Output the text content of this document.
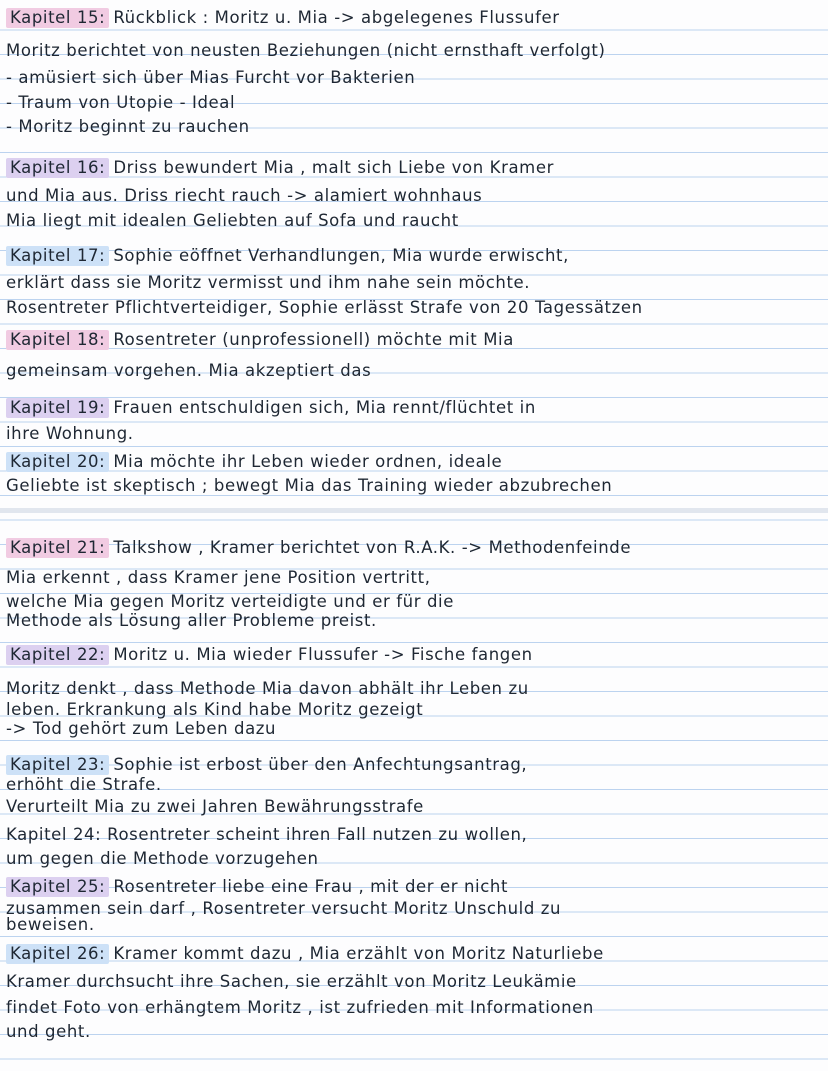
Kapitel 15: Rückblick : Moritz u. Mia -> abgelegenes Flussufer
Moritz berichtet von neusten Beziehungen (nicht ernsthaft verfolgt)
- amüsiert sich über Mias Furcht vor Bakterien
- Traum von Utopie - Ideal
- Moritz beginnt zu rauchen
Kapitel 16: Driss bewundert Mia , malt sich Liebe von Kramer
und Mia aus. Driss riecht rauch -> alamiert wohnhaus
Mia liegt mit idealen Geliebten auf Sofa und raucht
Kapitel 17: Sophie eöffnet Verhandlungen, Mia wurde erwischt,
erklärt dass sie Moritz vermisst und ihm nahe sein möchte.
Rosentreter Pflichtverteidiger, Sophie erlässt Strafe von 20 Tagessätzen
Kapitel 18: Rosentreter (unprofessionell) möchte mit Mia
gemeinsam vorgehen. Mia akzeptiert das
Kapitel 19: Frauen entschuldigen sich, Mia rennt/flüchtet in
ihre Wohnung.
Kapitel 20: Mia möchte ihr Leben wieder ordnen, ideale
Geliebte ist skeptisch ; bewegt Mia das Training wieder abzubrechen
Kapitel 21: Talkshow , Kramer berichtet von R.A.K. -> Methodenfeinde
Mia erkennt , dass Kramer jene Position vertritt,
welche Mia gegen Moritz verteidigte und er für die
Methode als Lösung aller Probleme preist.
Kapitel 22: Moritz u. Mia wieder Flussufer -> Fische fangen
Moritz denkt , dass Methode Mia davon abhält ihr Leben zu
leben. Erkrankung als Kind habe Moritz gezeigt
-> Tod gehört zum Leben dazu
Kapitel 23: Sophie ist erbost über den Anfechtungsantrag,
erhöht die Strafe.
Verurteilt Mia zu zwei Jahren Bewährungsstrafe
Kapitel 24: Rosentreter scheint ihren Fall nutzen zu wollen,
um gegen die Methode vorzugehen
Kapitel 25: Rosentreter liebe eine Frau , mit der er nicht
zusammen sein darf , Rosentreter versucht Moritz Unschuld zu
beweisen.
Kapitel 26: Kramer kommt dazu , Mia erzählt von Moritz Naturliebe
Kramer durchsucht ihre Sachen, sie erzählt von Moritz Leukämie
findet Foto von erhängtem Moritz , ist zufrieden mit Informationen
und geht.
